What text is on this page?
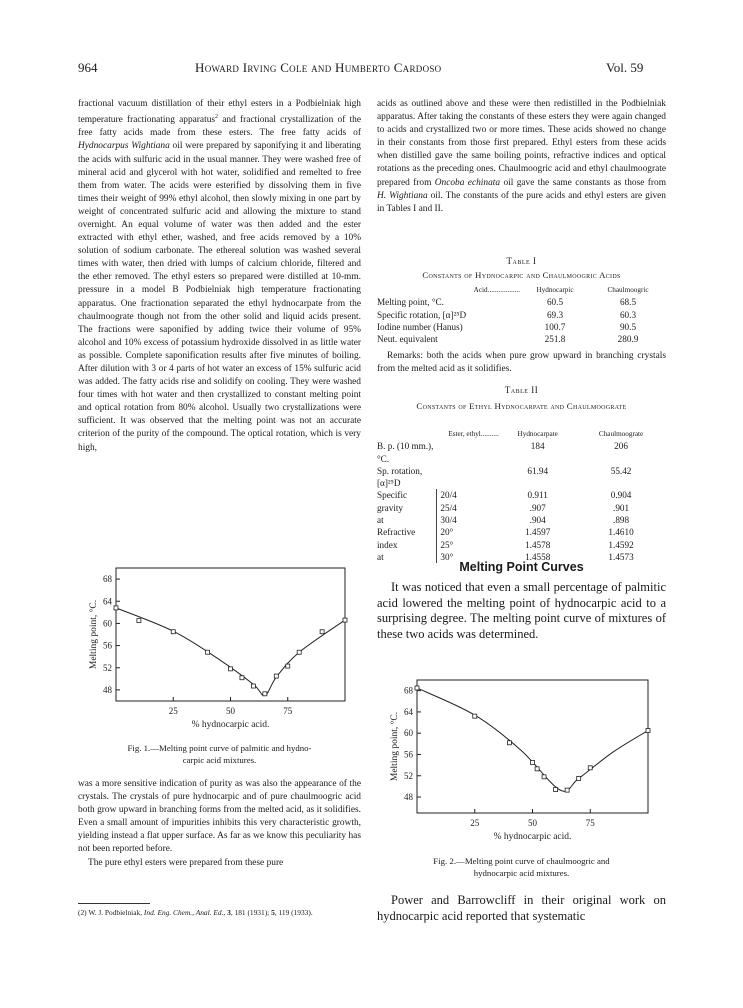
964	Howard Irving Cole and Humberto Cardoso	Vol. 59

fractional vacuum distillation of their ethyl esters in a Podbielniak high temperature fractionating apparatus$^2$ and fractional crystallization of the free fatty acids made from these esters. The free fatty acids of Hydnocarpus Wightiana oil were prepared by saponifying it and liberating the acids with sulfuric acid in the usual manner. They were washed free of mineral acid and glycerol with hot water, solidified and remelted to free them from water. The acids were esterified by dissolving them in five times their weight of 99% ethyl alcohol, then slowly mixing in one part by weight of concentrated sulfuric acid and allowing the mixture to stand overnight. An equal volume of water was then added and the ester extracted with ethyl ether, washed, and free acids removed by a 10% solution of sodium carbonate. The ethereal solution was washed several times with water, then dried with lumps of calcium chloride, filtered and the ether removed. The ethyl esters so prepared were distilled at 10-mm. pressure in a model B Podbielniak high temperature fractionating apparatus. One fractionation separated the ethyl hydnocarpate from the chaulmoograte though not from the other solid and liquid acids present. The fractions were saponified by adding twice their volume of 95% alcohol and 10% excess of potassium hydroxide dissolved in as little water as possible. Complete saponification results after five minutes of boiling. After dilution with 3 or 4 parts of hot water an excess of 15% sulfuric acid was added. The fatty acids rise and solidify on cooling. They were washed four times with hot water and then crystallized to constant melting point and optical rotation from 80% alcohol. Usually two crystallizations were sufficient. It was observed that the melting point was not an accurate criterion of the purity of the compound. The optical rotation, which is very high,

48
52
56
60
64
68
25	50	75
% hydnocarpic acid.
Melting point, °C.
Fig. 1.—Melting point curve of palmitic and hydno-
carpic acid mixtures.

was a more sensitive indication of purity as was also the appearance of the crystals. The crystals of pure hydnocarpic and of pure chaulmoogric acid both grow upward in branching forms from the melted acid, as it solidifies. Even a small amount of impurities inhibits this very characteristic growth, yielding instead a flat upper surface. As far as we know this peculiarity has not been reported before.

The pure ethyl esters were prepared from these pure

(2) W. J. Podbielniak, Ind. Eng. Chem., Anal. Ed., 3, 181 (1931); 5, 119 (1933).

acids as outlined above and these were then redistilled in the Podbielniak apparatus. After taking the constants of these esters they were again changed to acids and crystallized two or more times. These acids showed no change in their constants from those first prepared. Ethyl esters from these acids when distilled gave the same boiling points, refractive indices and optical rotations as the preceding ones. Chaulmoogric acid and ethyl chaulmoograte prepared from Oncoba echinata oil gave the same constants as those from H. Wightiana oil. The constants of the pure acids and ethyl esters are given in Tables I and II.

Table I
Constants of Hydnocarpic and Chaulmoogric Acids
Acid..................	Hydnocarpic	Chaulmoogric
Melting point, °C.	60.5	68.5
Specific rotation, [α]²⁵D	69.3	60.3
Iodine number (Hanus)	100.7	90.5
Neut. equivalent	251.8	280.9
Remarks: both the acids when pure grow upward in branching crystals from the melted acid as it solidifies.
Table II
Constants of Ethyl Hydnocarpate and Chaulmoograte
Ester, ethyl..........		Hydnocarpate	Chaulmoograte
B. p. (10 mm.), °C.		184	206
Sp. rotation, [α]²⁵D		61.94	55.42
Specific	20/4	0.911	0.904
gravity	25/4	.907	.901
at	30/4	.904	.898
Refractive	20°	1.4597	1.4610
index	25°	1.4578	1.4592
at	30°	1.4558	1.4573
Melting Point Curves

It was noticed that even a small percentage of palmitic acid lowered the melting point of hydnocarpic acid to a surprising degree. The melting point curve of mixtures of these two acids was determined.

48
52
56
60
64
68
25	50	75
% hydnocarpic acid.
Melting point, °C.
Fig. 2.—Melting point curve of chaulmoogric and
hydnocarpic acid mixtures.

Power and Barrowcliff in their original work on hydnocarpic acid reported that systematic
